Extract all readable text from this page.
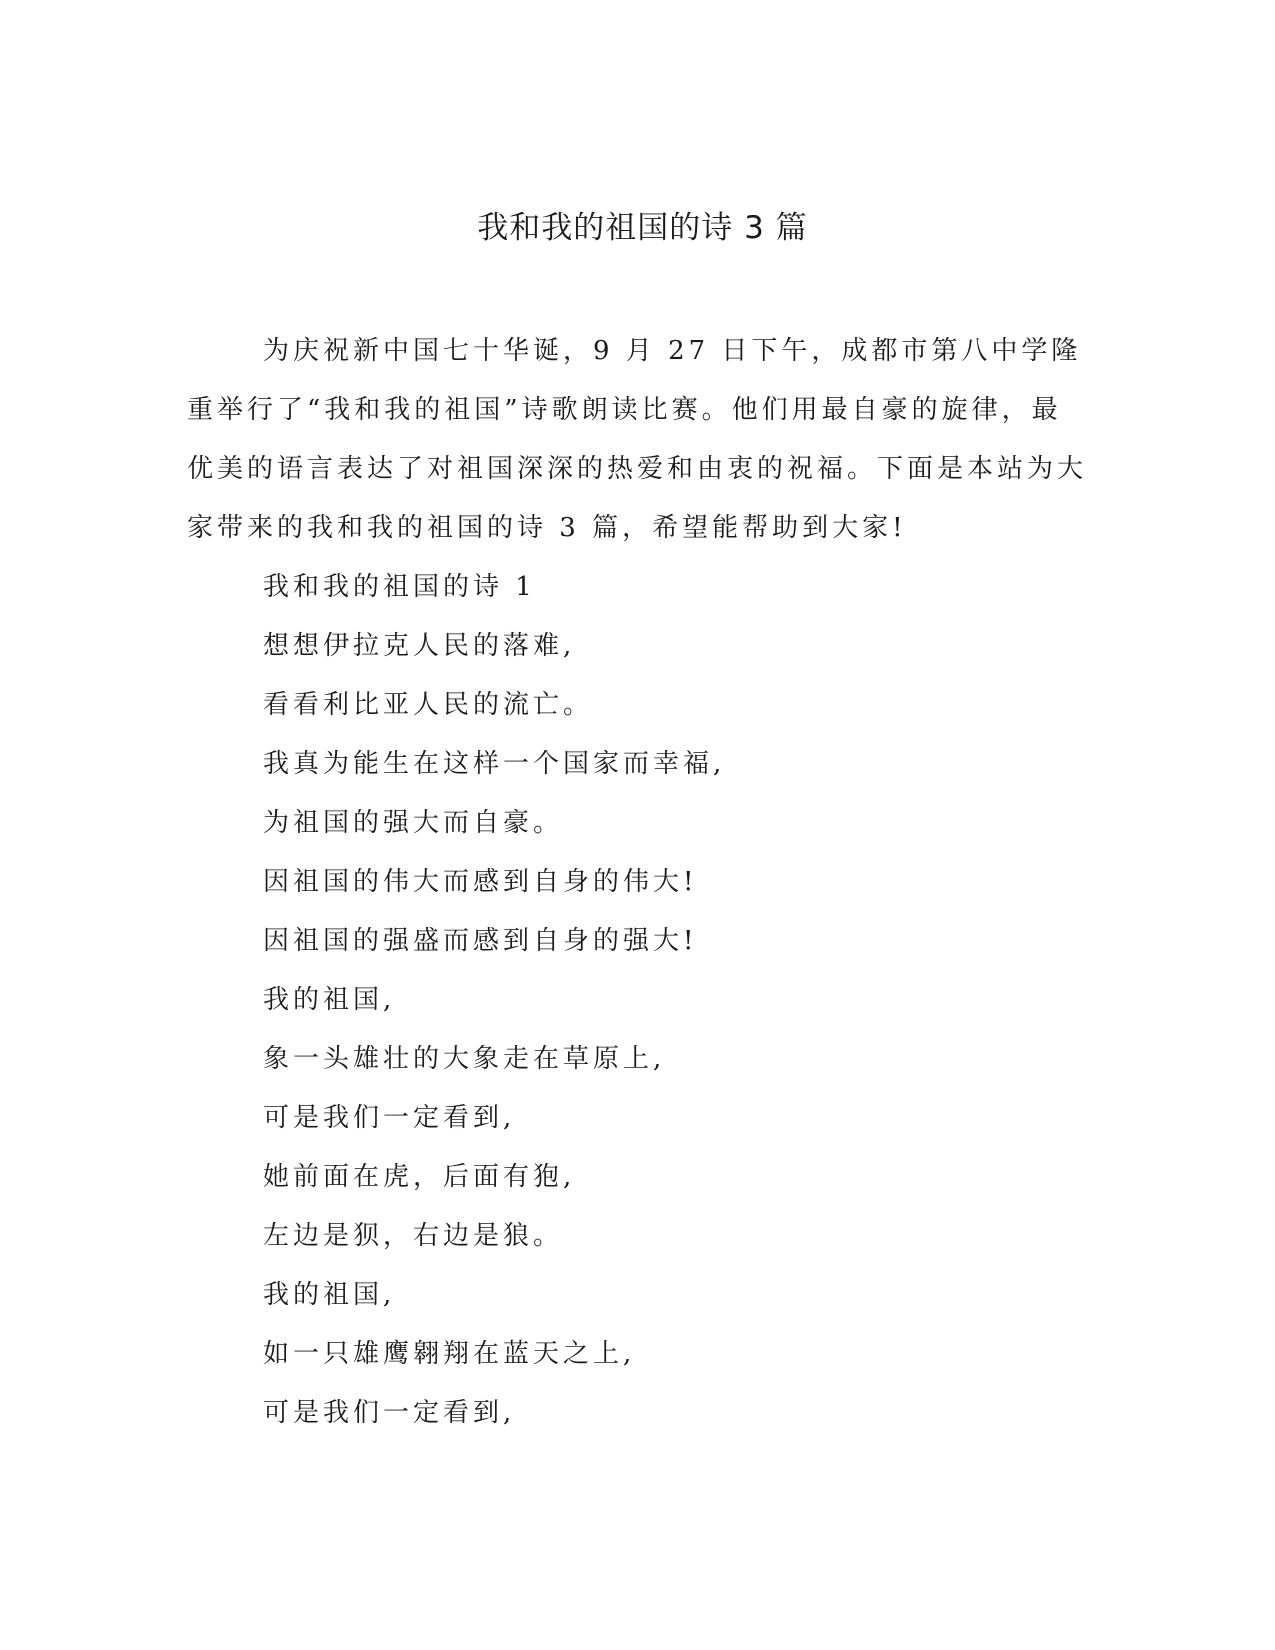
我和我的祖国的诗 3 篇

为庆祝新中国七十华诞，9 月 27 日下午，成都市第八中学隆重举行了“我和我的祖国”诗歌朗读比赛。他们用最自豪的旋律，最优美的语言表达了对祖国深深的热爱和由衷的祝福。下面是本站为大家带来的我和我的祖国的诗 3 篇，希望能帮助到大家!

我和我的祖国的诗 1
想想伊拉克人民的落难,
看看利比亚人民的流亡。
我真为能生在这样一个国家而幸福,
为祖国的强大而自豪。
因祖国的伟大而感到自身的伟大!
因祖国的强盛而感到自身的强大!
我的祖国,
象一头雄壮的大象走在草原上,
可是我们一定看到,
她前面在虎，后面有狍,
左边是狈，右边是狼。
我的祖国,
如一只雄鹰翱翔在蓝天之上,
可是我们一定看到,
